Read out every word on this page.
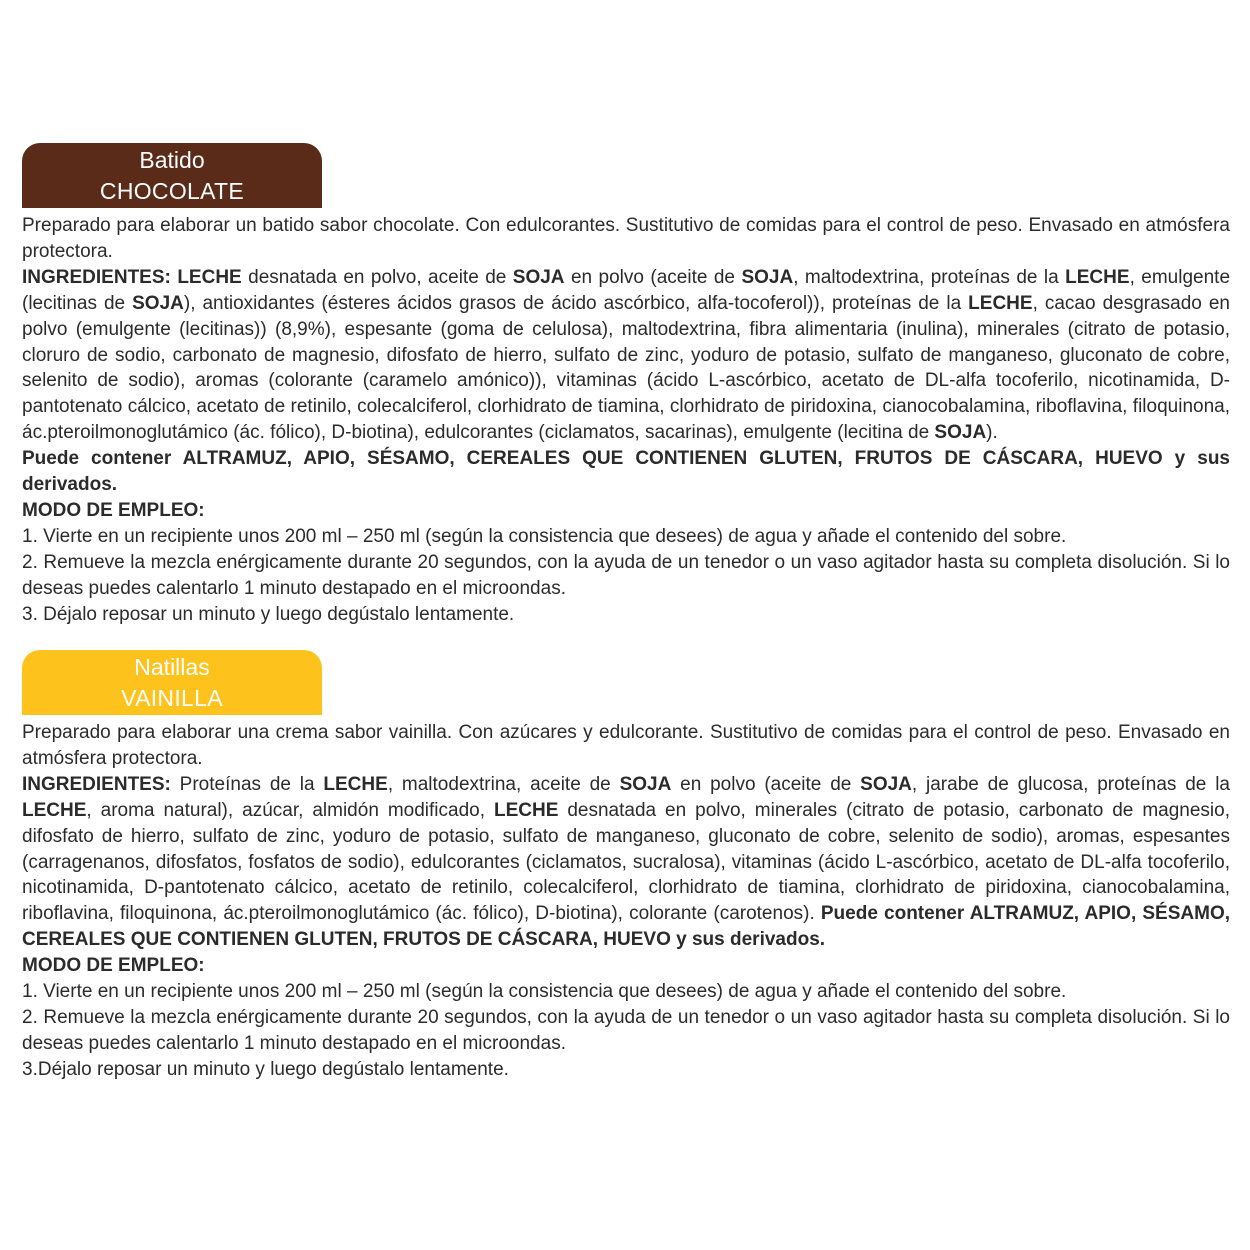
Batido
CHOCOLATE

Preparado para elaborar un batido sabor chocolate. Con edulcorantes. Sustitutivo de comidas para el control de peso. Envasado en atmósfera protectora.

INGREDIENTES: LECHE desnatada en polvo, aceite de SOJA en polvo (aceite de SOJA, maltodextrina, proteínas de la LECHE, emulgente (lecitinas de SOJA), antioxidantes (ésteres ácidos grasos de ácido ascórbico, alfa-tocoferol)), proteínas de la LECHE, cacao desgrasado en polvo (emulgente (lecitinas)) (8,9%), espesante (goma de celulosa), maltodextrina, fibra alimentaria (inulina), minerales (citrato de potasio, cloruro de sodio, carbonato de magnesio, difosfato de hierro, sulfato de zinc, yoduro de potasio, sulfato de manganeso, gluconato de cobre, selenito de sodio), aromas (colorante (caramelo amónico)), vitaminas (ácido L-ascórbico, acetato de DL-alfa tocoferilo, nicotinamida, D-pantotenato cálcico, acetato de retinilo, colecalciferol, clorhidrato de tiamina, clorhidrato de piridoxina, cianocobalamina, riboflavina, filoquinona, ác.pteroilmonoglutámico (ác. fólico), D-biotina), edulcorantes (ciclamatos, sacarinas), emulgente (lecitina de SOJA).

Puede contener ALTRAMUZ, APIO, SÉSAMO, CEREALES QUE CONTIENEN GLUTEN, FRUTOS DE CÁSCARA, HUEVO y sus derivados.

MODO DE EMPLEO:

1. Vierte en un recipiente unos 200 ml – 250 ml (según la consistencia que desees) de agua y añade el contenido del sobre.

2. Remueve la mezcla enérgicamente durante 20 segundos, con la ayuda de un tenedor o un vaso agitador hasta su completa disolución. Si lo deseas puedes calentarlo 1 minuto destapado en el microondas.

3. Déjalo reposar un minuto y luego degústalo lentamente.

Natillas
VAINILLA

Preparado para elaborar una crema sabor vainilla. Con azúcares y edulcorante. Sustitutivo de comidas para el control de peso. Envasado en atmósfera protectora.

INGREDIENTES: Proteínas de la LECHE, maltodextrina, aceite de SOJA en polvo (aceite de SOJA, jarabe de glucosa, proteínas de la LECHE, aroma natural), azúcar, almidón modificado, LECHE desnatada en polvo, minerales (citrato de potasio, carbonato de magnesio, difosfato de hierro, sulfato de zinc, yoduro de potasio, sulfato de manganeso, gluconato de cobre, selenito de sodio), aromas, espesantes (carragenanos, difosfatos, fosfatos de sodio), edulcorantes (ciclamatos, sucralosa), vitaminas (ácido L-ascórbico, acetato de DL-alfa tocoferilo, nicotinamida, D-pantotenato cálcico, acetato de retinilo, colecalciferol, clorhidrato de tiamina, clorhidrato de piridoxina, cianocobalamina, riboflavina, filoquinona, ác.pteroilmonoglutámico (ác. fólico), D-biotina), colorante (carotenos). Puede contener ALTRAMUZ, APIO, SÉSAMO, CEREALES QUE CONTIENEN GLUTEN, FRUTOS DE CÁSCARA, HUEVO y sus derivados.

MODO DE EMPLEO:

1. Vierte en un recipiente unos 200 ml – 250 ml (según la consistencia que desees) de agua y añade el contenido del sobre.

2. Remueve la mezcla enérgicamente durante 20 segundos, con la ayuda de un tenedor o un vaso agitador hasta su completa disolución. Si lo deseas puedes calentarlo 1 minuto destapado en el microondas.

3.Déjalo reposar un minuto y luego degústalo lentamente.
